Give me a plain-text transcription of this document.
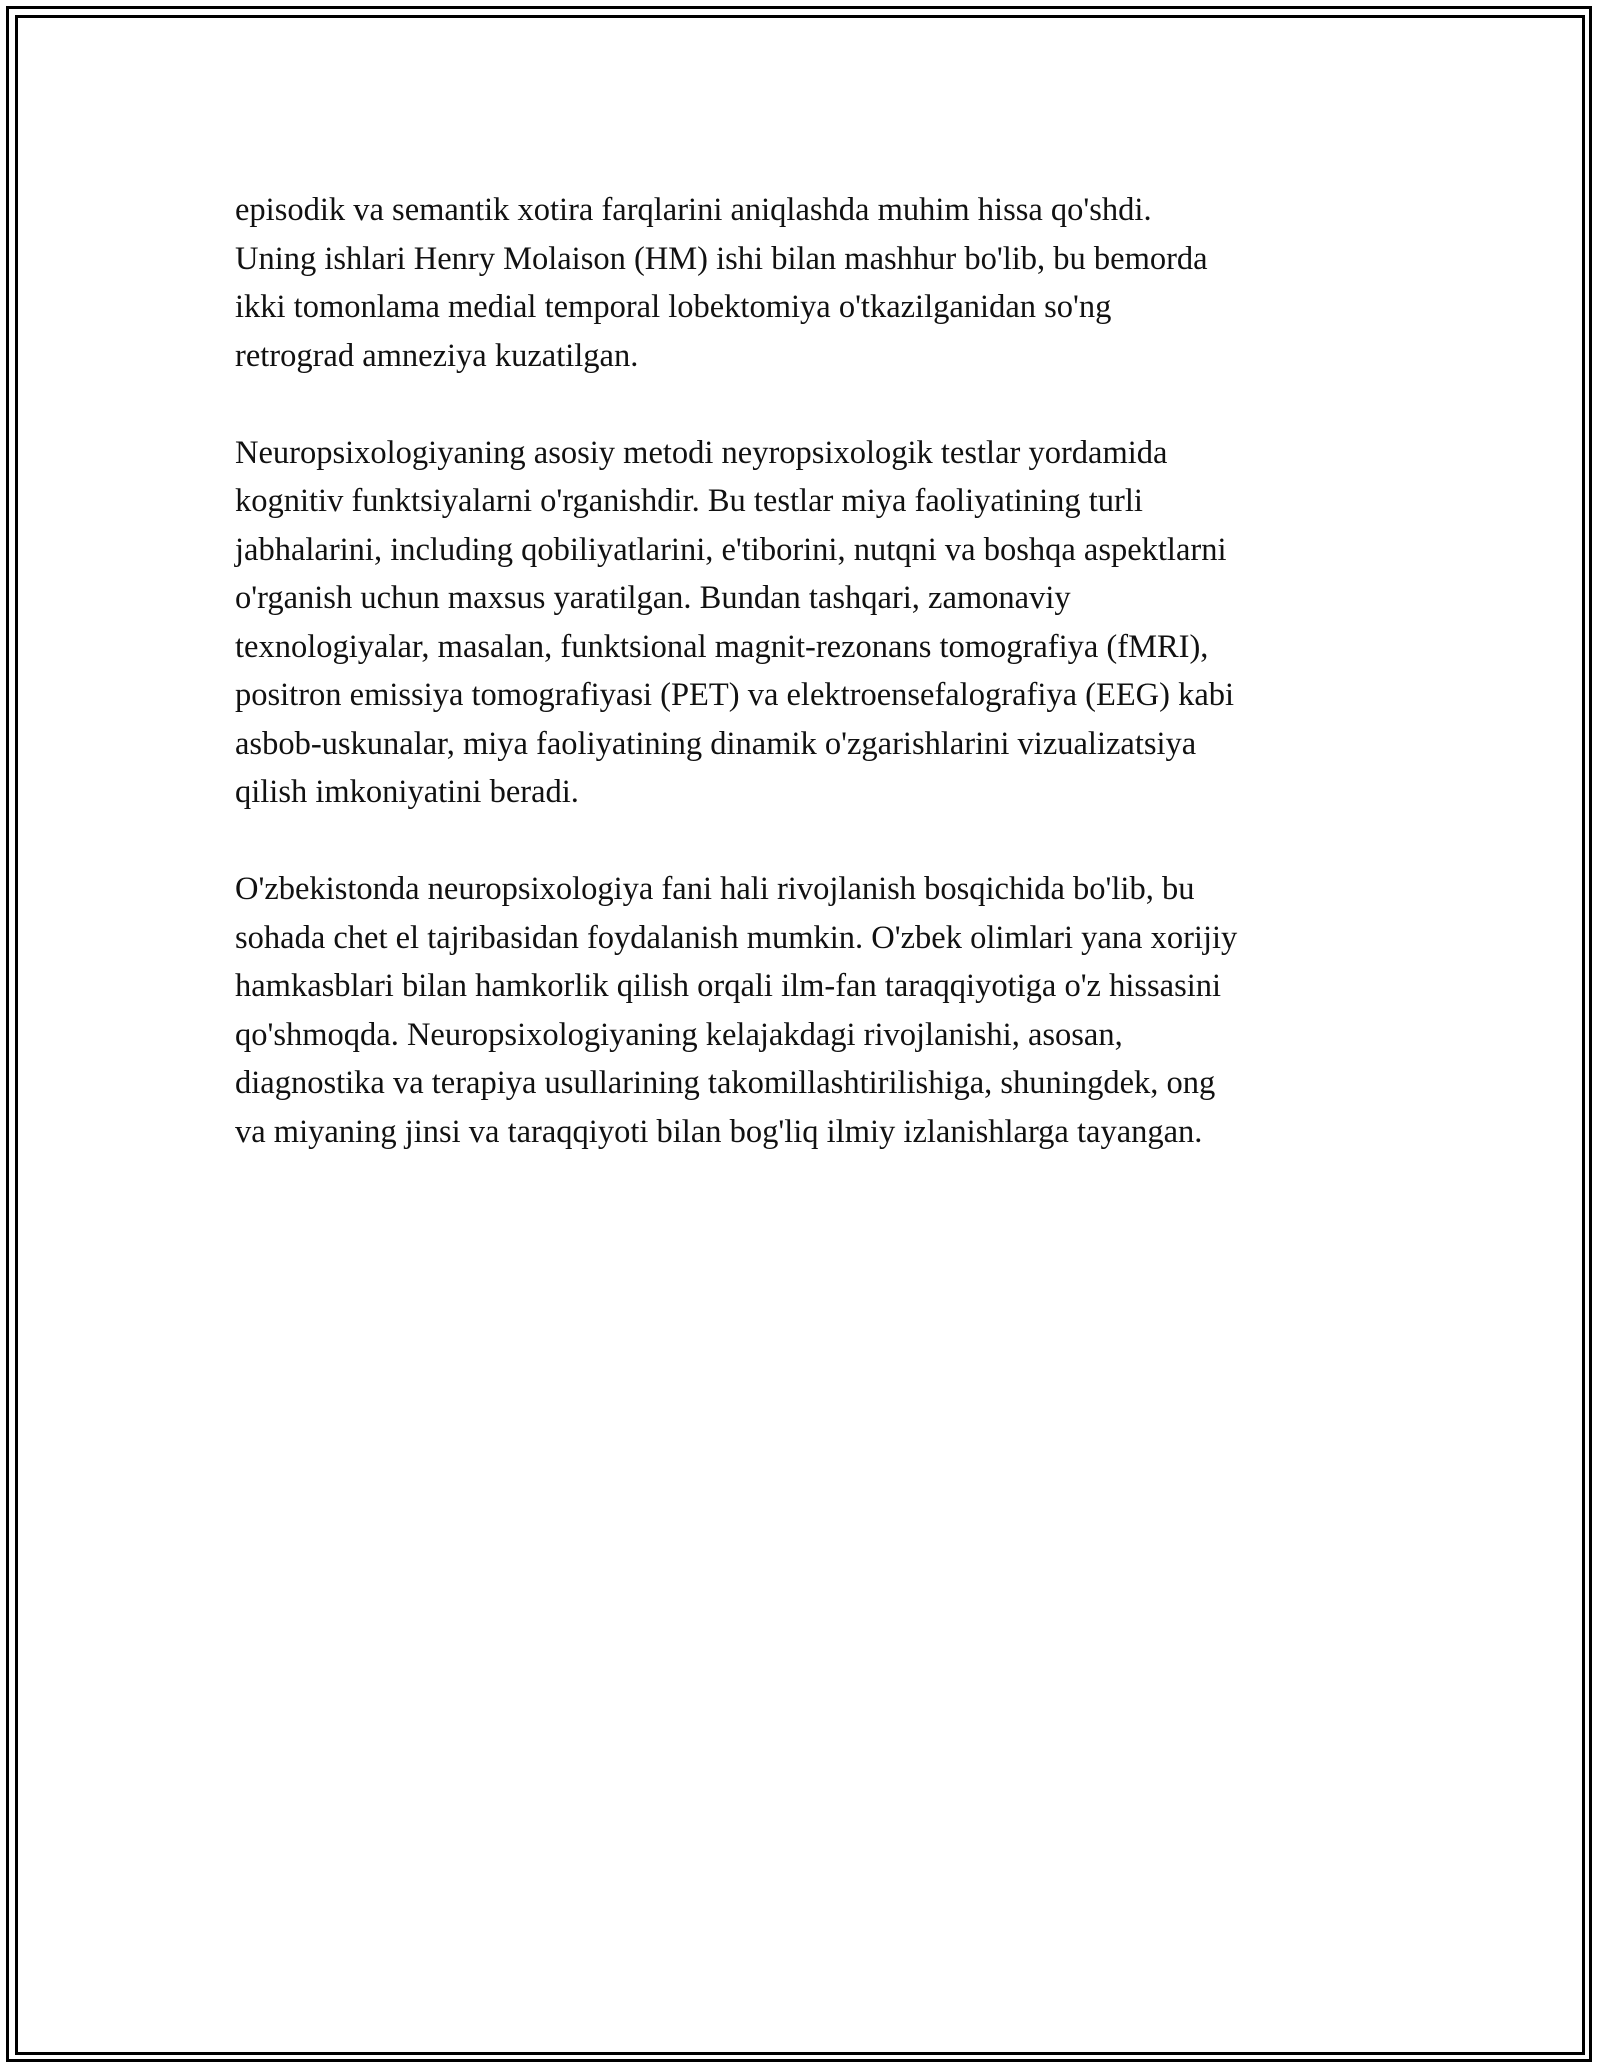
episodik va semantik xotira farqlarini aniqlashda muhim hissa qo'shdi.
Uning ishlari Henry Molaison (HM) ishi bilan mashhur bo'lib, bu bemorda
ikki tomonlama medial temporal lobektomiya o'tkazilganidan so'ng
retrograd amneziya kuzatilgan.

Neuropsixologiyaning asosiy metodi neyropsixologik testlar yordamida
kognitiv funktsiyalarni o'rganishdir. Bu testlar miya faoliyatining turli
jabhalarini, including qobiliyatlarini, e'tiborini, nutqni va boshqa aspektlarni
o'rganish uchun maxsus yaratilgan. Bundan tashqari, zamonaviy
texnologiyalar, masalan, funktsional magnit-rezonans tomografiya (fMRI),
positron emissiya tomografiyasi (PET) va elektroensefalografiya (EEG) kabi
asbob-uskunalar, miya faoliyatining dinamik o'zgarishlarini vizualizatsiya
qilish imkoniyatini beradi.

O'zbekistonda neuropsixologiya fani hali rivojlanish bosqichida bo'lib, bu
sohada chet el tajribasidan foydalanish mumkin. O'zbek olimlari yana xorijiy
hamkasblari bilan hamkorlik qilish orqali ilm-fan taraqqiyotiga o'z hissasini
qo'shmoqda. Neuropsixologiyaning kelajakdagi rivojlanishi, asosan,
diagnostika va terapiya usullarining takomillashtirilishiga, shuningdek, ong
va miyaning jinsi va taraqqiyoti bilan bog'liq ilmiy izlanishlarga tayangan.
